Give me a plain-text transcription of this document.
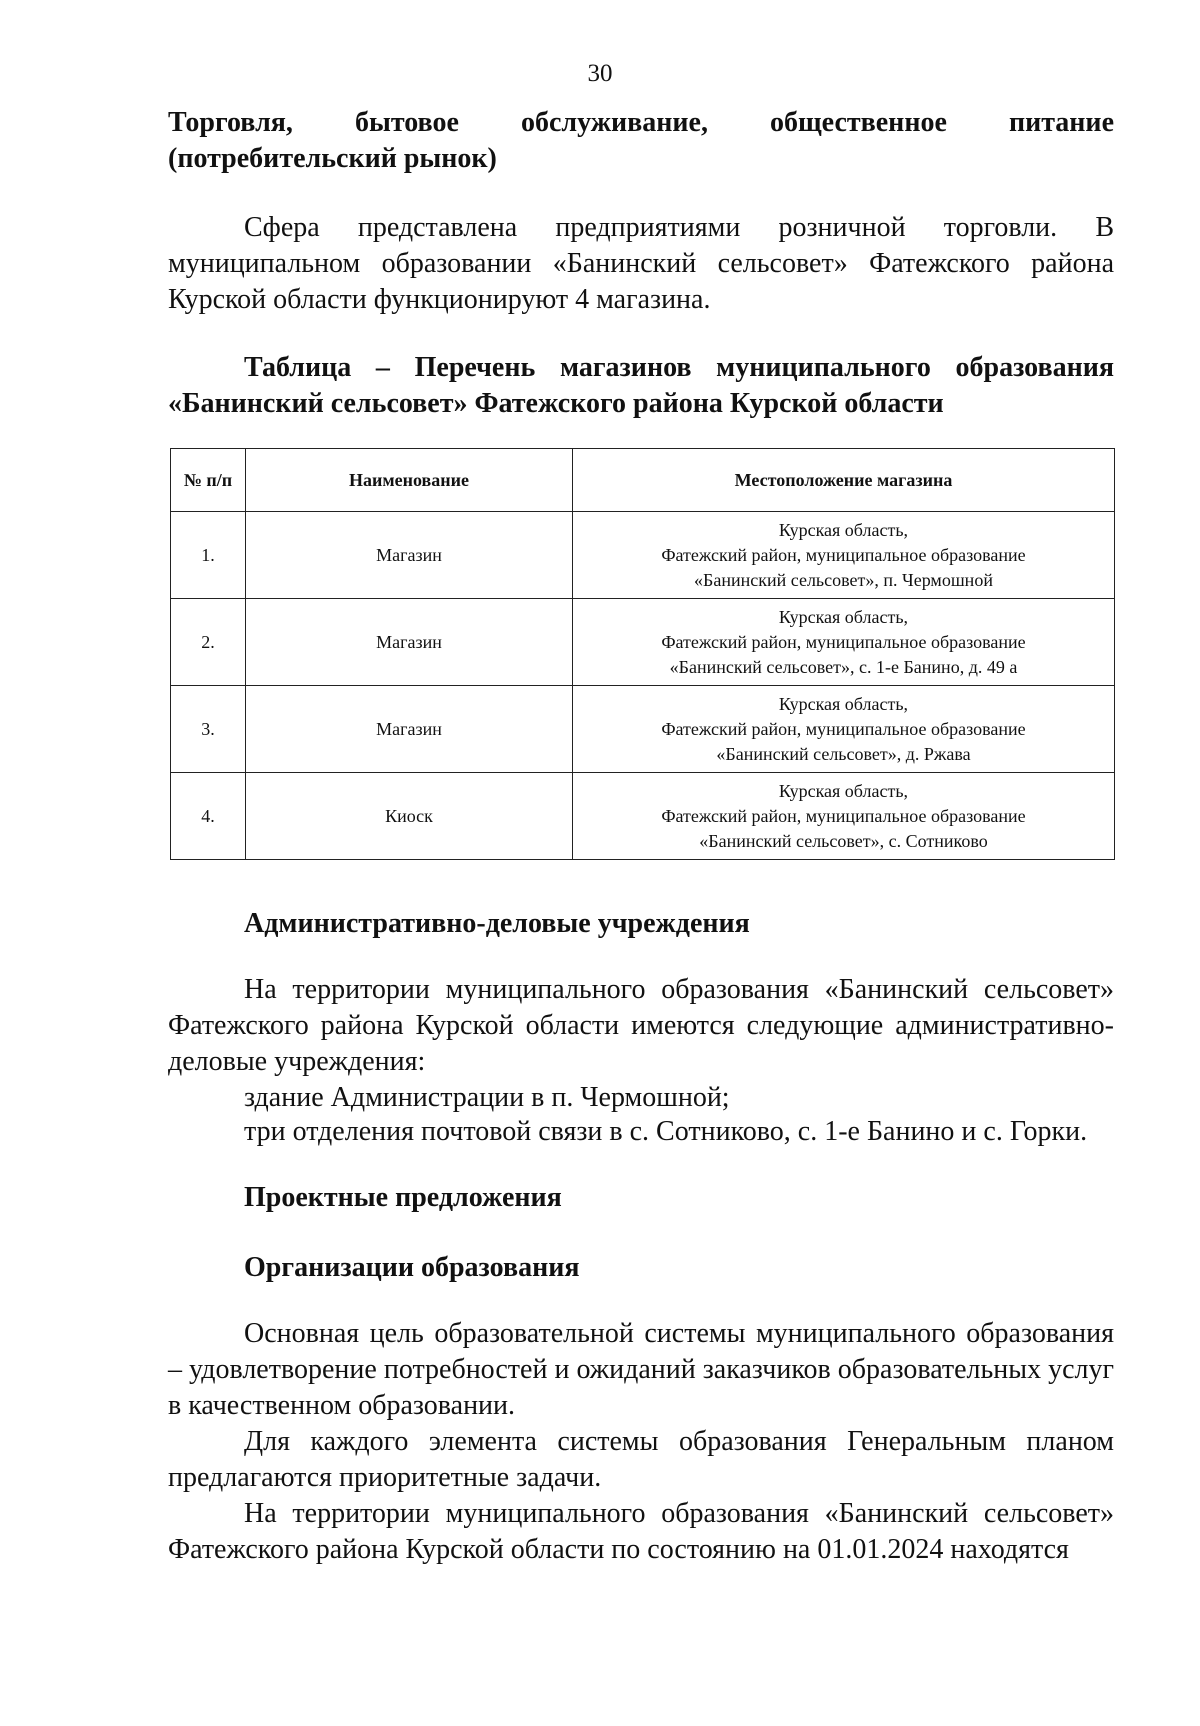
30
Торговля, бытовое обслуживание, общественное питание (потребительский рынок)
Сфера представлена предприятиями розничной торговли. В муниципальном образовании «Банинский сельсовет» Фатежского района Курской области функционируют 4 магазина.
Таблица – Перечень магазинов муниципального образования «Банинский сельсовет» Фатежского района Курской области
№ п/п	Наименование	Местоположение магазина
1.	Магазин	Курская область,
Фатежский район, муниципальное образование
«Банинский сельсовет», п. Чермошной

2.	Магазин	Курская область,
Фатежский район, муниципальное образование
«Банинский сельсовет», с. 1-е Банино, д. 49 а

3.	Магазин	Курская область,
Фатежский район, муниципальное образование
«Банинский сельсовет», д. Ржава

4.	Киоск	Курская область,
Фатежский район, муниципальное образование
«Банинский сельсовет», с. Сотниково
Административно-деловые учреждения
На территории муниципального образования «Банинский сельсовет» Фатежского района Курской области имеются следующие административно-деловые учреждения:
здание Администрации в п. Чермошной;
три отделения почтовой связи в с. Сотниково, с. 1-е Банино и с. Горки.
Проектные предложения
Организации образования
Основная цель образовательной системы муниципального образования – удовлетворение потребностей и ожиданий заказчиков образовательных услуг в качественном образовании.
Для каждого элемента системы образования Генеральным планом предлагаются приоритетные задачи.
На территории муниципального образования «Банинский сельсовет» Фатежского района Курской области по состоянию на 01.01.2024 находятся
